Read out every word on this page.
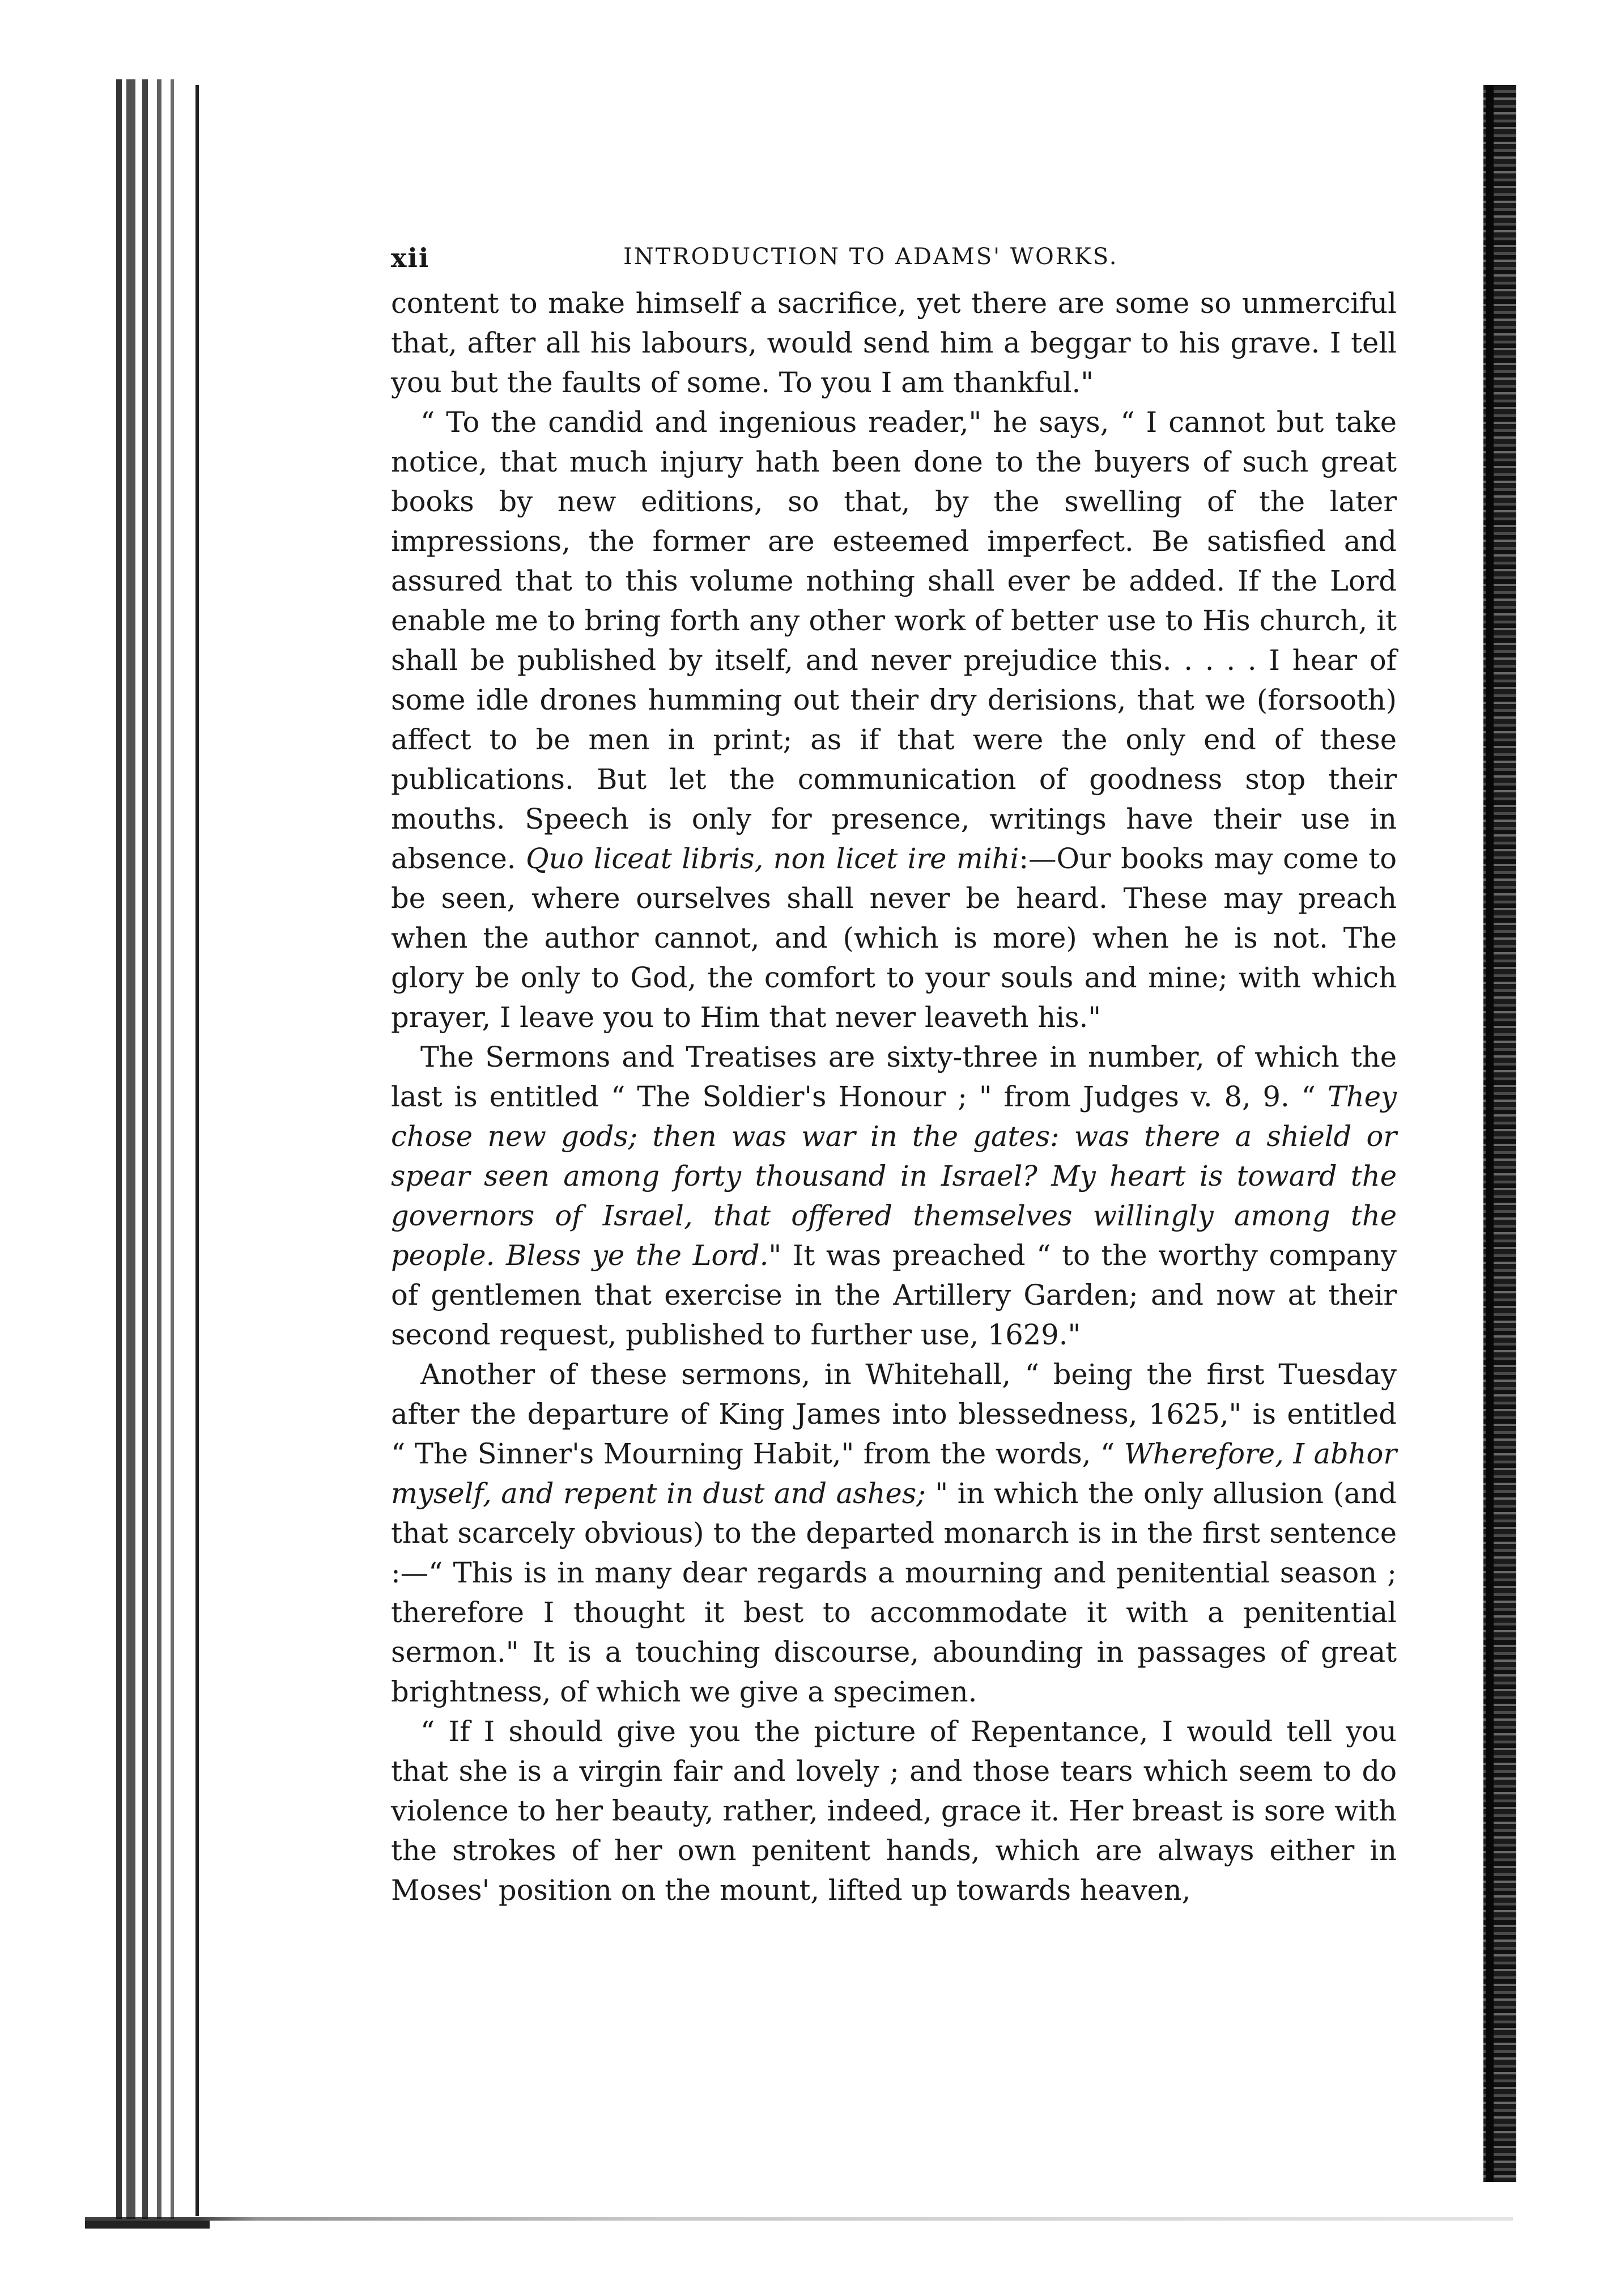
xii	INTRODUCTION TO ADAMS' WORKS.

content to make himself a sacrifice, yet there are some so unmerciful that, after all his labours, would send him a beggar to his grave. I tell you but the faults of some. To you I am thankful."

“ To the candid and ingenious reader," he says, “ I cannot but take notice, that much injury hath been done to the buyers of such great books by new editions, so that, by the swelling of the later impressions, the former are esteemed imperfect. Be satisfied and assured that to this volume nothing shall ever be added. If the Lord enable me to bring forth any other work of better use to His church, it shall be published by itself, and never prejudice this. . . . . I hear of some idle drones humming out their dry derisions, that we (forsooth) affect to be men in print; as if that were the only end of these publications. But let the communication of goodness stop their mouths. Speech is only for presence, writings have their use in absence. Quo liceat libris, non licet ire mihi:—Our books may come to be seen, where ourselves shall never be heard. These may preach when the author cannot, and (which is more) when he is not. The glory be only to God, the comfort to your souls and mine; with which prayer, I leave you to Him that never leaveth his."

The Sermons and Treatises are sixty-three in number, of which the last is entitled “ The Soldier's Honour ; " from Judges v. 8, 9. “ They chose new gods; then was war in the gates: was there a shield or spear seen among forty thousand in Israel? My heart is toward the governors of Israel, that offered themselves willingly among the people. Bless ye the Lord." It was preached “ to the worthy company of gentlemen that exercise in the Artillery Garden; and now at their second request, published to further use, 1629."

Another of these sermons, in Whitehall, “ being the first Tuesday after the departure of King James into blessedness, 1625," is entitled “ The Sinner's Mourning Habit," from the words, “ Wherefore, I abhor myself, and repent in dust and ashes; " in which the only allusion (and that scarcely obvious) to the departed monarch is in the first sentence :—“ This is in many dear regards a mourning and penitential season ; therefore I thought it best to accommodate it with a penitential sermon." It is a touching discourse, abounding in passages of great brightness, of which we give a specimen.

“ If I should give you the picture of Repentance, I would tell you that she is a virgin fair and lovely ; and those tears which seem to do violence to her beauty, rather, indeed, grace it. Her breast is sore with the strokes of her own penitent hands, which are always either in Moses' position on the mount, lifted up towards heaven,
